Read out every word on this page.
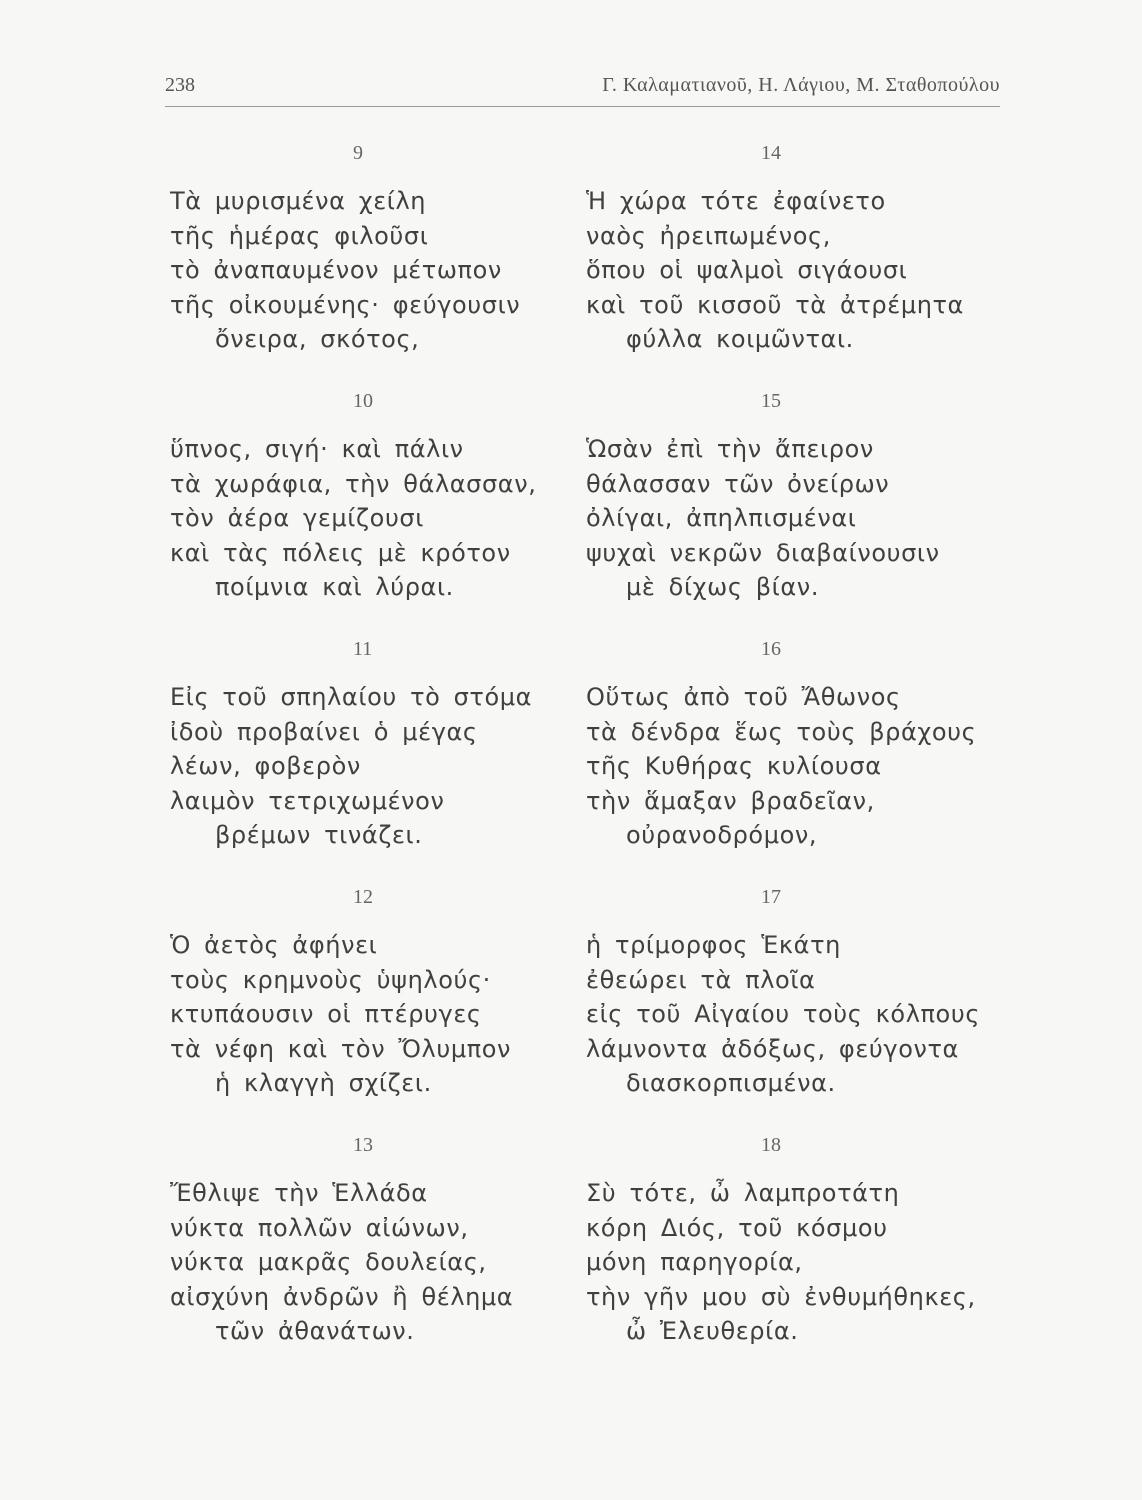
238	Γ. Καλαματιανοῦ, Η. Λάγιου, Μ. Σταθοπούλου
9
Τὰ μυρισμένα χείλη
τῆς ἡμέρας φιλοῦσι
τὸ ἀναπαυμένον μέτωπον
τῆς οἰκουμένης· φεύγουσιν
ὄνειρα, σκότος,
10
ὕπνος, σιγή· καὶ πάλιν
τὰ χωράφια, τὴν θάλασσαν,
τὸν ἀέρα γεμίζουσι
καὶ τὰς πόλεις μὲ κρότον
ποίμνια καὶ λύραι.
11
Εἰς τοῦ σπηλαίου τὸ στόμα
ἰδοὺ προβαίνει ὁ μέγας
λέων, φοβερὸν
λαιμὸν τετριχωμένον
βρέμων τινάζει.
12
Ὁ ἀετὸς ἀφήνει
τοὺς κρημνοὺς ὑψηλούς·
κτυπάουσιν οἱ πτέρυγες
τὰ νέφη καὶ τὸν Ὄλυμπον
ἡ κλαγγὴ σχίζει.
13
Ἔθλιψε τὴν Ἑλλάδα
νύκτα πολλῶν αἰώνων,
νύκτα μακρᾶς δουλείας,
αἰσχύνη ἀνδρῶν ἢ θέλημα
τῶν ἀθανάτων.
14
Ἡ χώρα τότε ἐφαίνετο
ναὸς ἠρειπωμένος,
ὅπου οἱ ψαλμοὶ σιγάουσι
καὶ τοῦ κισσοῦ τὰ ἀτρέμητα
φύλλα κοιμῶνται.
15
Ὡσὰν ἐπὶ τὴν ἄπειρον
θάλασσαν τῶν ὀνείρων
ὀλίγαι, ἀπηλπισμέναι
ψυχαὶ νεκρῶν διαβαίνουσιν
μὲ δίχως βίαν.
16
Οὕτως ἀπὸ τοῦ Ἄθωνος
τὰ δένδρα ἕως τοὺς βράχους
τῆς Κυθήρας κυλίουσα
τὴν ἅμαξαν βραδεῖαν,
οὐρανοδρόμον,
17
ἡ τρίμορφος Ἑκάτη
ἐθεώρει τὰ πλοῖα
εἰς τοῦ Αἰγαίου τοὺς κόλπους
λάμνοντα ἀδόξως, φεύγοντα
διασκορπισμένα.
18
Σὺ τότε, ὦ λαμπροτάτη
κόρη Διός, τοῦ κόσμου
μόνη παρηγορία,
τὴν γῆν μου σὺ ἐνθυμήθηκες,
ὦ Ἐλευθερία.
